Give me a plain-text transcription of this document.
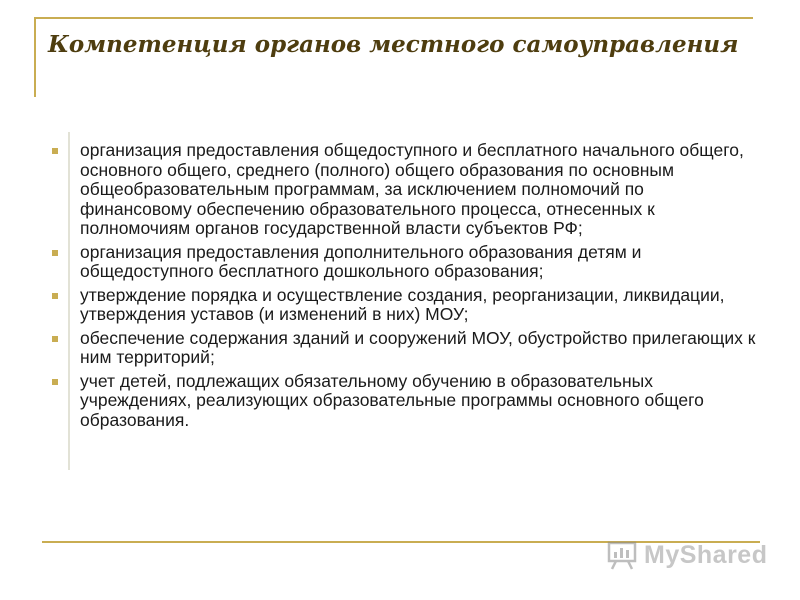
Компетенция органов местного самоуправления
организация предоставления общедоступного и бесплатного начального общего, основного общего, среднего (полного) общего образования по основным общеобразовательным программам, за исключением полномочий по финансовому обеспечению образовательного процесса, отнесенных к полномочиям органов государственной власти субъектов РФ;
организация предоставления дополнительного образования детям и общедоступного бесплатного дошкольного образования;
утверждение порядка и осуществление создания, реорганизации, ликвидации, утверждения уставов (и изменений в них) МОУ;
обеспечение содержания зданий и сооружений МОУ, обустройство прилегающих к ним территорий;
учет детей, подлежащих обязательному обучению в образовательных учреждениях, реализующих образовательные программы основного общего образования.
MyShared
